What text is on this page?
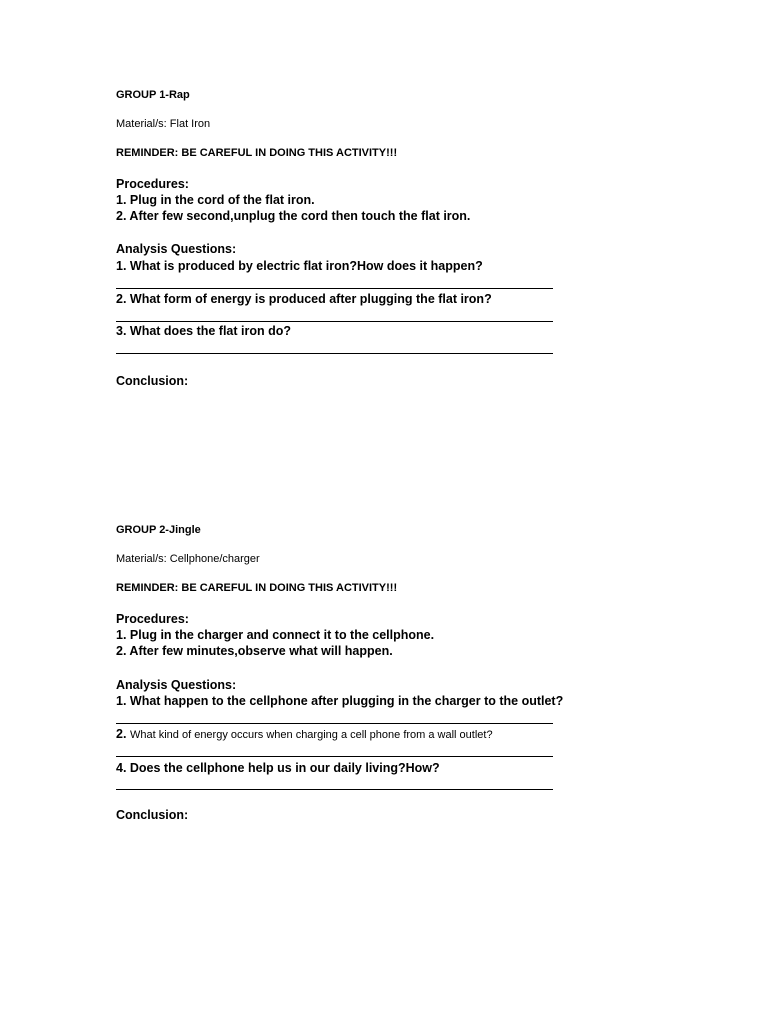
GROUP 1-Rap
Material/s: Flat Iron
REMINDER: BE CAREFUL IN DOING THIS ACTIVITY!!!
Procedures:
1. Plug in the cord of the flat iron.
2. After few second,unplug the cord then touch the flat iron.
Analysis Questions:
1. What is produced by electric flat iron?How does it happen?
2. What form of energy is produced after plugging the flat iron?
3. What does the flat iron do?
Conclusion:
GROUP 2-Jingle
Material/s: Cellphone/charger
REMINDER: BE CAREFUL IN DOING THIS ACTIVITY!!!
Procedures:
1. Plug in the charger and connect it to the cellphone.
2. After few minutes,observe what will happen.
Analysis Questions:
1. What happen to the cellphone after plugging in the charger to the outlet?
2. What kind of energy occurs when charging a cell phone from a wall outlet?
4. Does the cellphone help us in our daily living?How?
Conclusion:
